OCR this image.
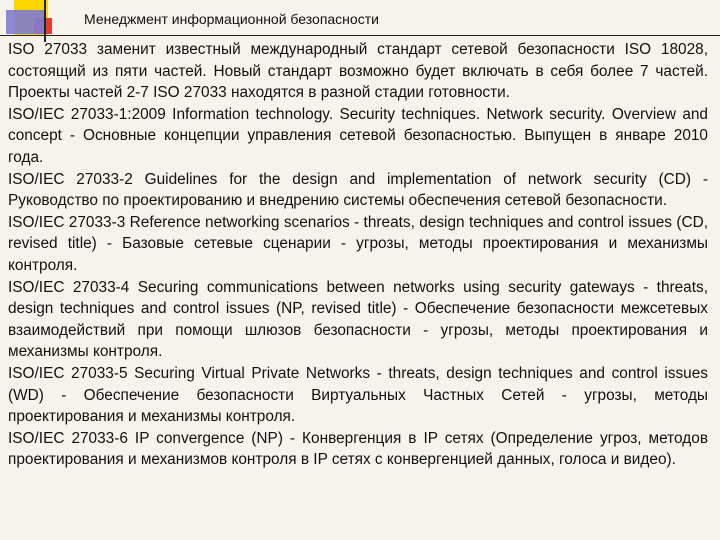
Менеджмент информационной безопасности

ISO 27033 заменит известный международный стандарт сетевой безопасности ISO 18028, состоящий из пяти частей. Новый стандарт возможно будет включать в себя более 7 частей. Проекты частей 2-7 ISO 27033 находятся в разной стадии готовности.

ISO/IEC 27033-1:2009 Information technology. Security techniques. Network security. Overview and concept - Основные концепции управления сетевой безопасностью. Выпущен в январе 2010 года.

ISO/IEC 27033-2 Guidelines for the design and implementation of network security (CD) - Руководство по проектированию и внедрению системы обеспечения сетевой безопасности.

ISO/IEC 27033-3 Reference networking scenarios - threats, design techniques and control issues (CD, revised title) - Базовые сетевые сценарии - угрозы, методы проектирования и механизмы контроля.

ISO/IEC 27033-4 Securing communications between networks using security gateways - threats, design techniques and control issues (NP, revised title) - Обеспечение безопасности межсетевых взаимодействий при помощи шлюзов безопасности - угрозы, методы проектирования и механизмы контроля.

ISO/IEC 27033-5 Securing Virtual Private Networks - threats, design techniques and control issues (WD) - Обеспечение безопасности Виртуальных Частных Сетей - угрозы, методы проектирования и механизмы контроля.

ISO/IEC 27033-6 IP convergence (NP) - Конвергенция в IP сетях (Определение угроз, методов проектирования и механизмов контроля в IP сетях с конвергенцией данных, голоса и видео).
